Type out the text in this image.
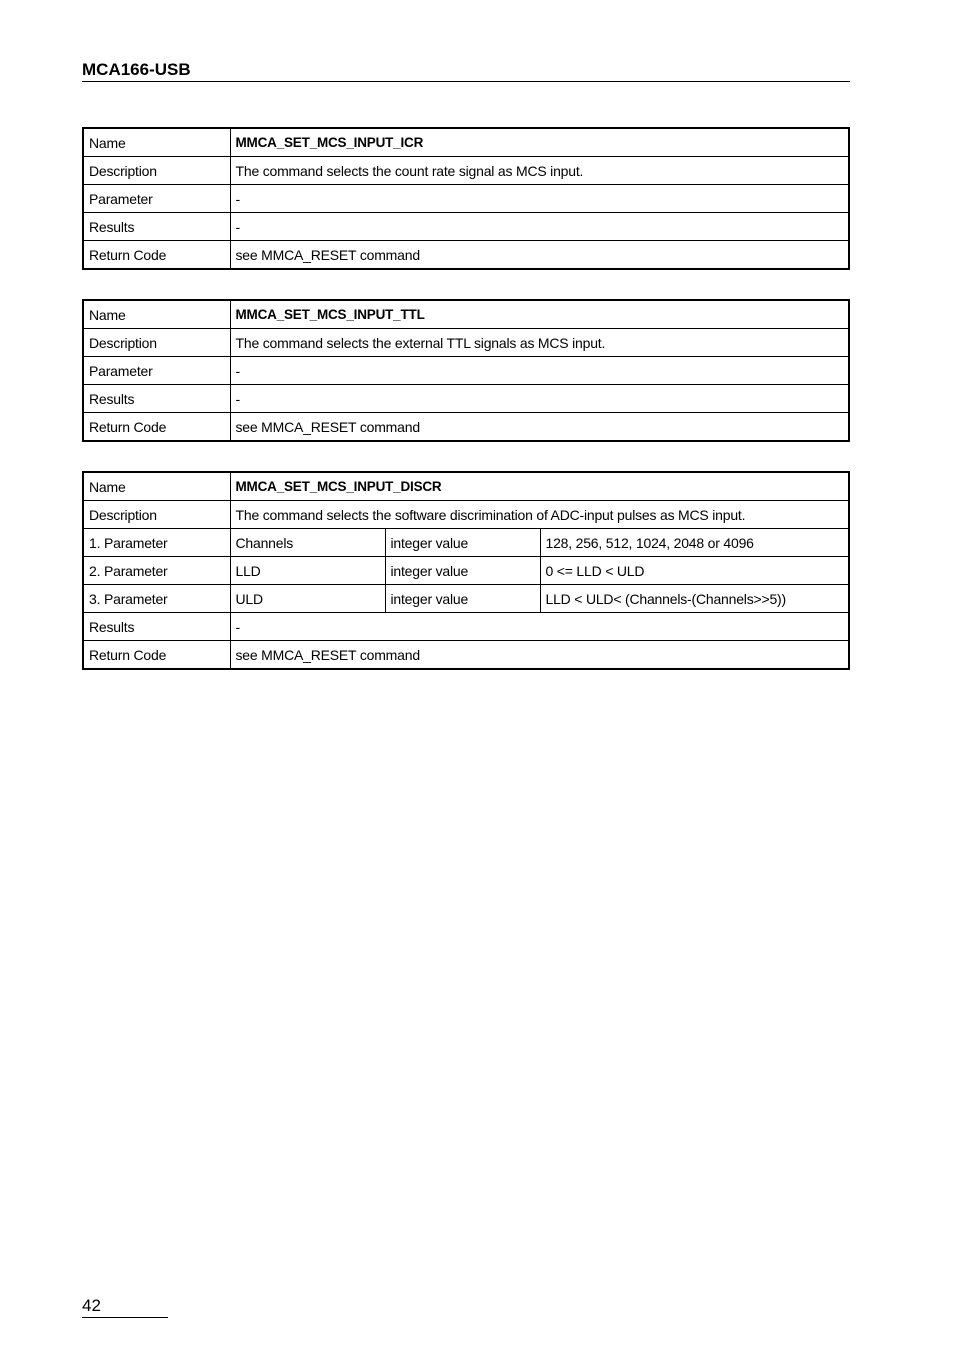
MCA166-USB
Name	MMCA_SET_MCS_INPUT_ICR
Description	The command selects the count rate signal as MCS input.
Parameter	-
Results	-
Return Code	see MMCA_RESET command
Name	MMCA_SET_MCS_INPUT_TTL
Description	The command selects the external TTL signals as MCS input.
Parameter	-
Results	-
Return Code	see MMCA_RESET command
Name	MMCA_SET_MCS_INPUT_DISCR		
Description	The command selects the software discrimination of ADC-input pulses as MCS input.		
1. Parameter	Channels	integer value	128, 256, 512, 1024, 2048 or 4096
2. Parameter	LLD	integer value	0 <= LLD < ULD
3. Parameter	ULD	integer value	LLD < ULD< (Channels-(Channels>>5))
Results	-		
Return Code	see MMCA_RESET command		
42
